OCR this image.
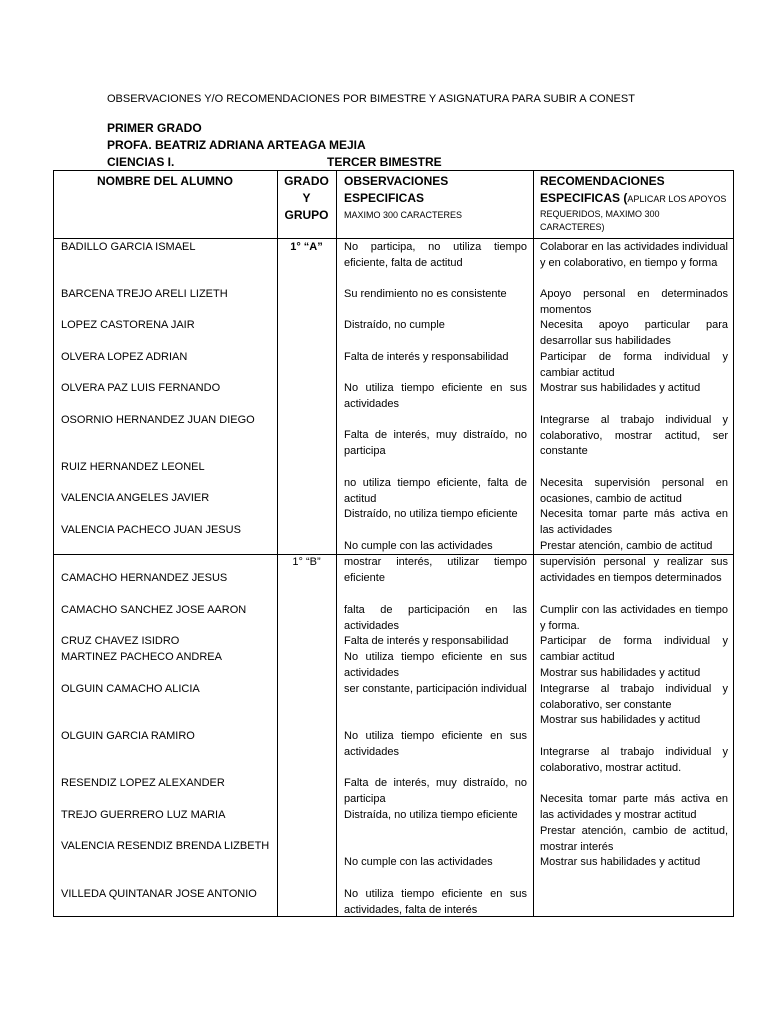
OBSERVACIONES Y/O RECOMENDACIONES POR BIMESTRE Y ASIGNATURA PARA SUBIR A CONEST
PRIMER GRADO
PROFA. BEATRIZ ADRIANA ARTEAGA MEJIA
CIENCIAS I.	TERCER BIMESTRE
NOMBRE DEL ALUMNO	GRADO
Y
GRUPO
OBSERVACIONES ESPECIFICAS
MAXIMO 300 CARACTERES
RECOMENDACIONES
ESPECIFICAS (APLICAR LOS APOYOS
REQUERIDOS, MAXIMO 300
CARACTERES)
1° “A”
1° “B”
BADILLO GARCIA ISMAEL
BARCENA TREJO ARELI LIZETH
LOPEZ CASTORENA JAIR
OLVERA LOPEZ ADRIAN
OLVERA PAZ LUIS FERNANDO
OSORNIO HERNANDEZ JUAN DIEGO
RUIZ HERNANDEZ LEONEL
VALENCIA ANGELES JAVIER
VALENCIA PACHECO JUAN JESUS
No participa, no utiliza tiempo eficiente, falta de actitud
Su rendimiento no es consistente
Distraído, no cumple
Falta de interés y responsabilidad
No utiliza tiempo eficiente en sus actividades
Falta de interés, muy distraído, no participa
no utiliza tiempo eficiente, falta de actitud
Distraído, no utiliza tiempo eficiente
No cumple con las actividades
Colaborar en las actividades individual y en colaborativo, en tiempo y forma
Apoyo personal en determinados momentos
Necesita apoyo particular para desarrollar sus habilidades
Participar de forma individual y cambiar actitud
Mostrar sus habilidades y actitud
Integrarse al trabajo individual y colaborativo, mostrar actitud, ser constante
Necesita supervisión personal en ocasiones, cambio de actitud
Necesita tomar parte más activa en las actividades
Prestar atención, cambio de actitud
CAMACHO HERNANDEZ JESUS
CAMACHO SANCHEZ JOSE AARON
CRUZ CHAVEZ ISIDRO
MARTINEZ PACHECO ANDREA
OLGUIN CAMACHO ALICIA
OLGUIN GARCIA RAMIRO
RESENDIZ LOPEZ ALEXANDER
TREJO GUERRERO LUZ MARIA
VALENCIA RESENDIZ BRENDA LIZBETH
VILLEDA QUINTANAR JOSE ANTONIO
mostrar interés, utilizar tiempo eficiente
falta de participación en las actividades
Falta de interés y responsabilidad
No utiliza tiempo eficiente en sus actividades
ser constante, participación individual
No utiliza tiempo eficiente en sus actividades
Falta de interés, muy distraído, no participa
Distraída, no utiliza tiempo eficiente
No cumple con las actividades
No utiliza tiempo eficiente en sus actividades, falta de interés
supervisión personal y realizar sus actividades en tiempos determinados
Cumplir con las actividades en tiempo y forma.
Participar de forma individual y cambiar actitud
Mostrar sus habilidades y actitud
Integrarse al trabajo individual y colaborativo, ser constante
Mostrar sus habilidades y actitud
Integrarse al trabajo individual y colaborativo, mostrar actitud.
Necesita tomar parte más activa en las actividades y mostrar actitud
Prestar atención, cambio de actitud, mostrar interés
Mostrar sus habilidades y actitud
